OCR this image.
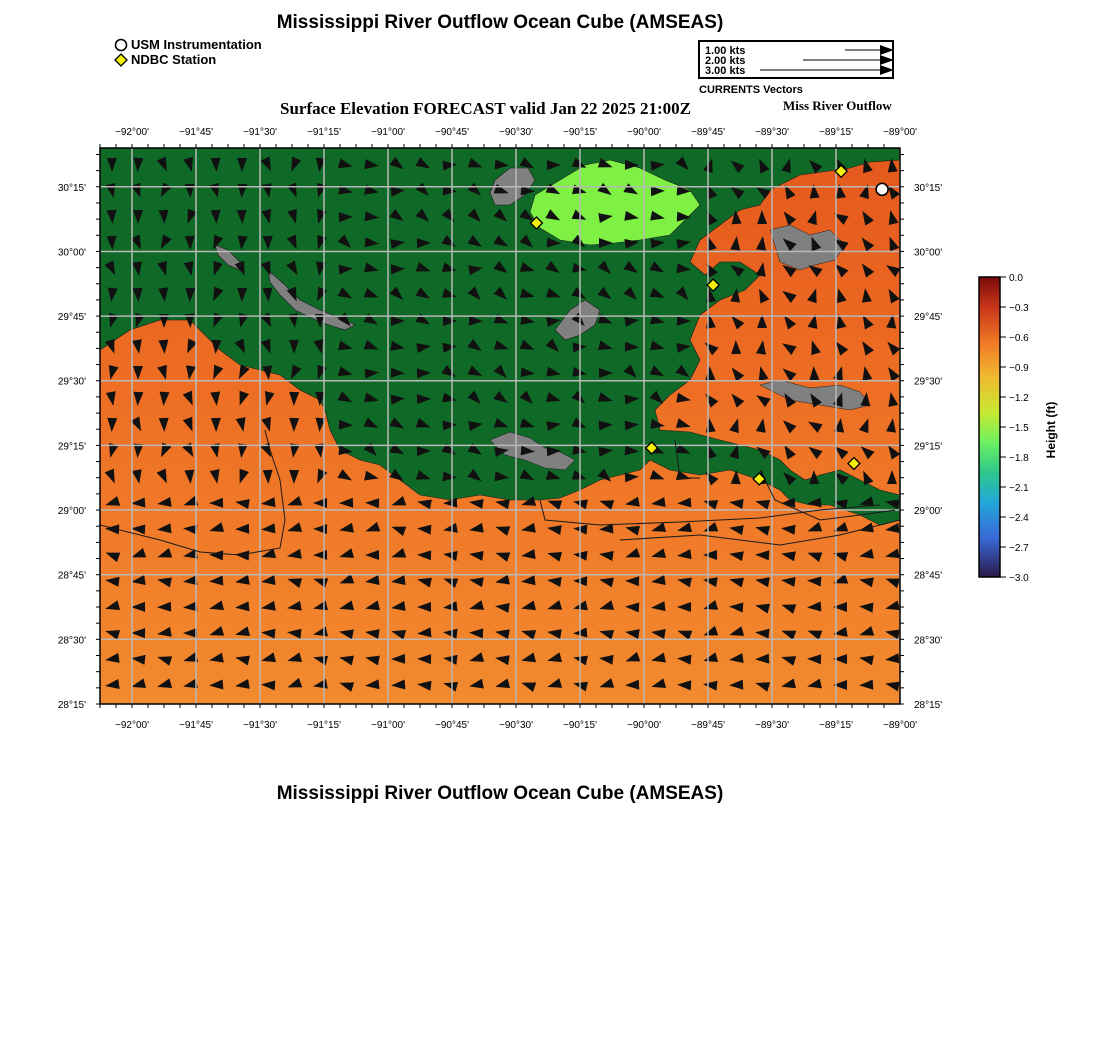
Mississippi River Outflow Ocean Cube (AMSEAS)
USM Instrumentation
NDBC Station
1.00 kts
2.00 kts
3.00 kts
CURRENTS Vectors
Surface Elevation FORECAST valid Jan 22 2025 21:00Z	Miss River Outflow
−92°00'	−91°45'	−91°30'	−91°15'	−91°00'	−90°45'	−90°30'	−90°15'	−90°00'	−89°45'	−89°30'	−89°15'	−89°00'
−92°00'	−91°45'	−91°30'	−91°15'	−91°00'	−90°45'	−90°30'	−90°15'	−90°00'	−89°45'	−89°30'	−89°15'	−89°00'
30°15'
30°00'
29°45'
29°30'
29°15'
29°00'
28°45'
28°30'
28°15'
30°15'
30°00'
29°45'
29°30'
29°15'
29°00'
28°45'
28°30'
28°15'
0.0
−0.3
−0.6
−0.9
−1.2
−1.5
−1.8
−2.1
−2.4
−2.7
−3.0
Height (ft)
Mississippi River Outflow Ocean Cube (AMSEAS)
